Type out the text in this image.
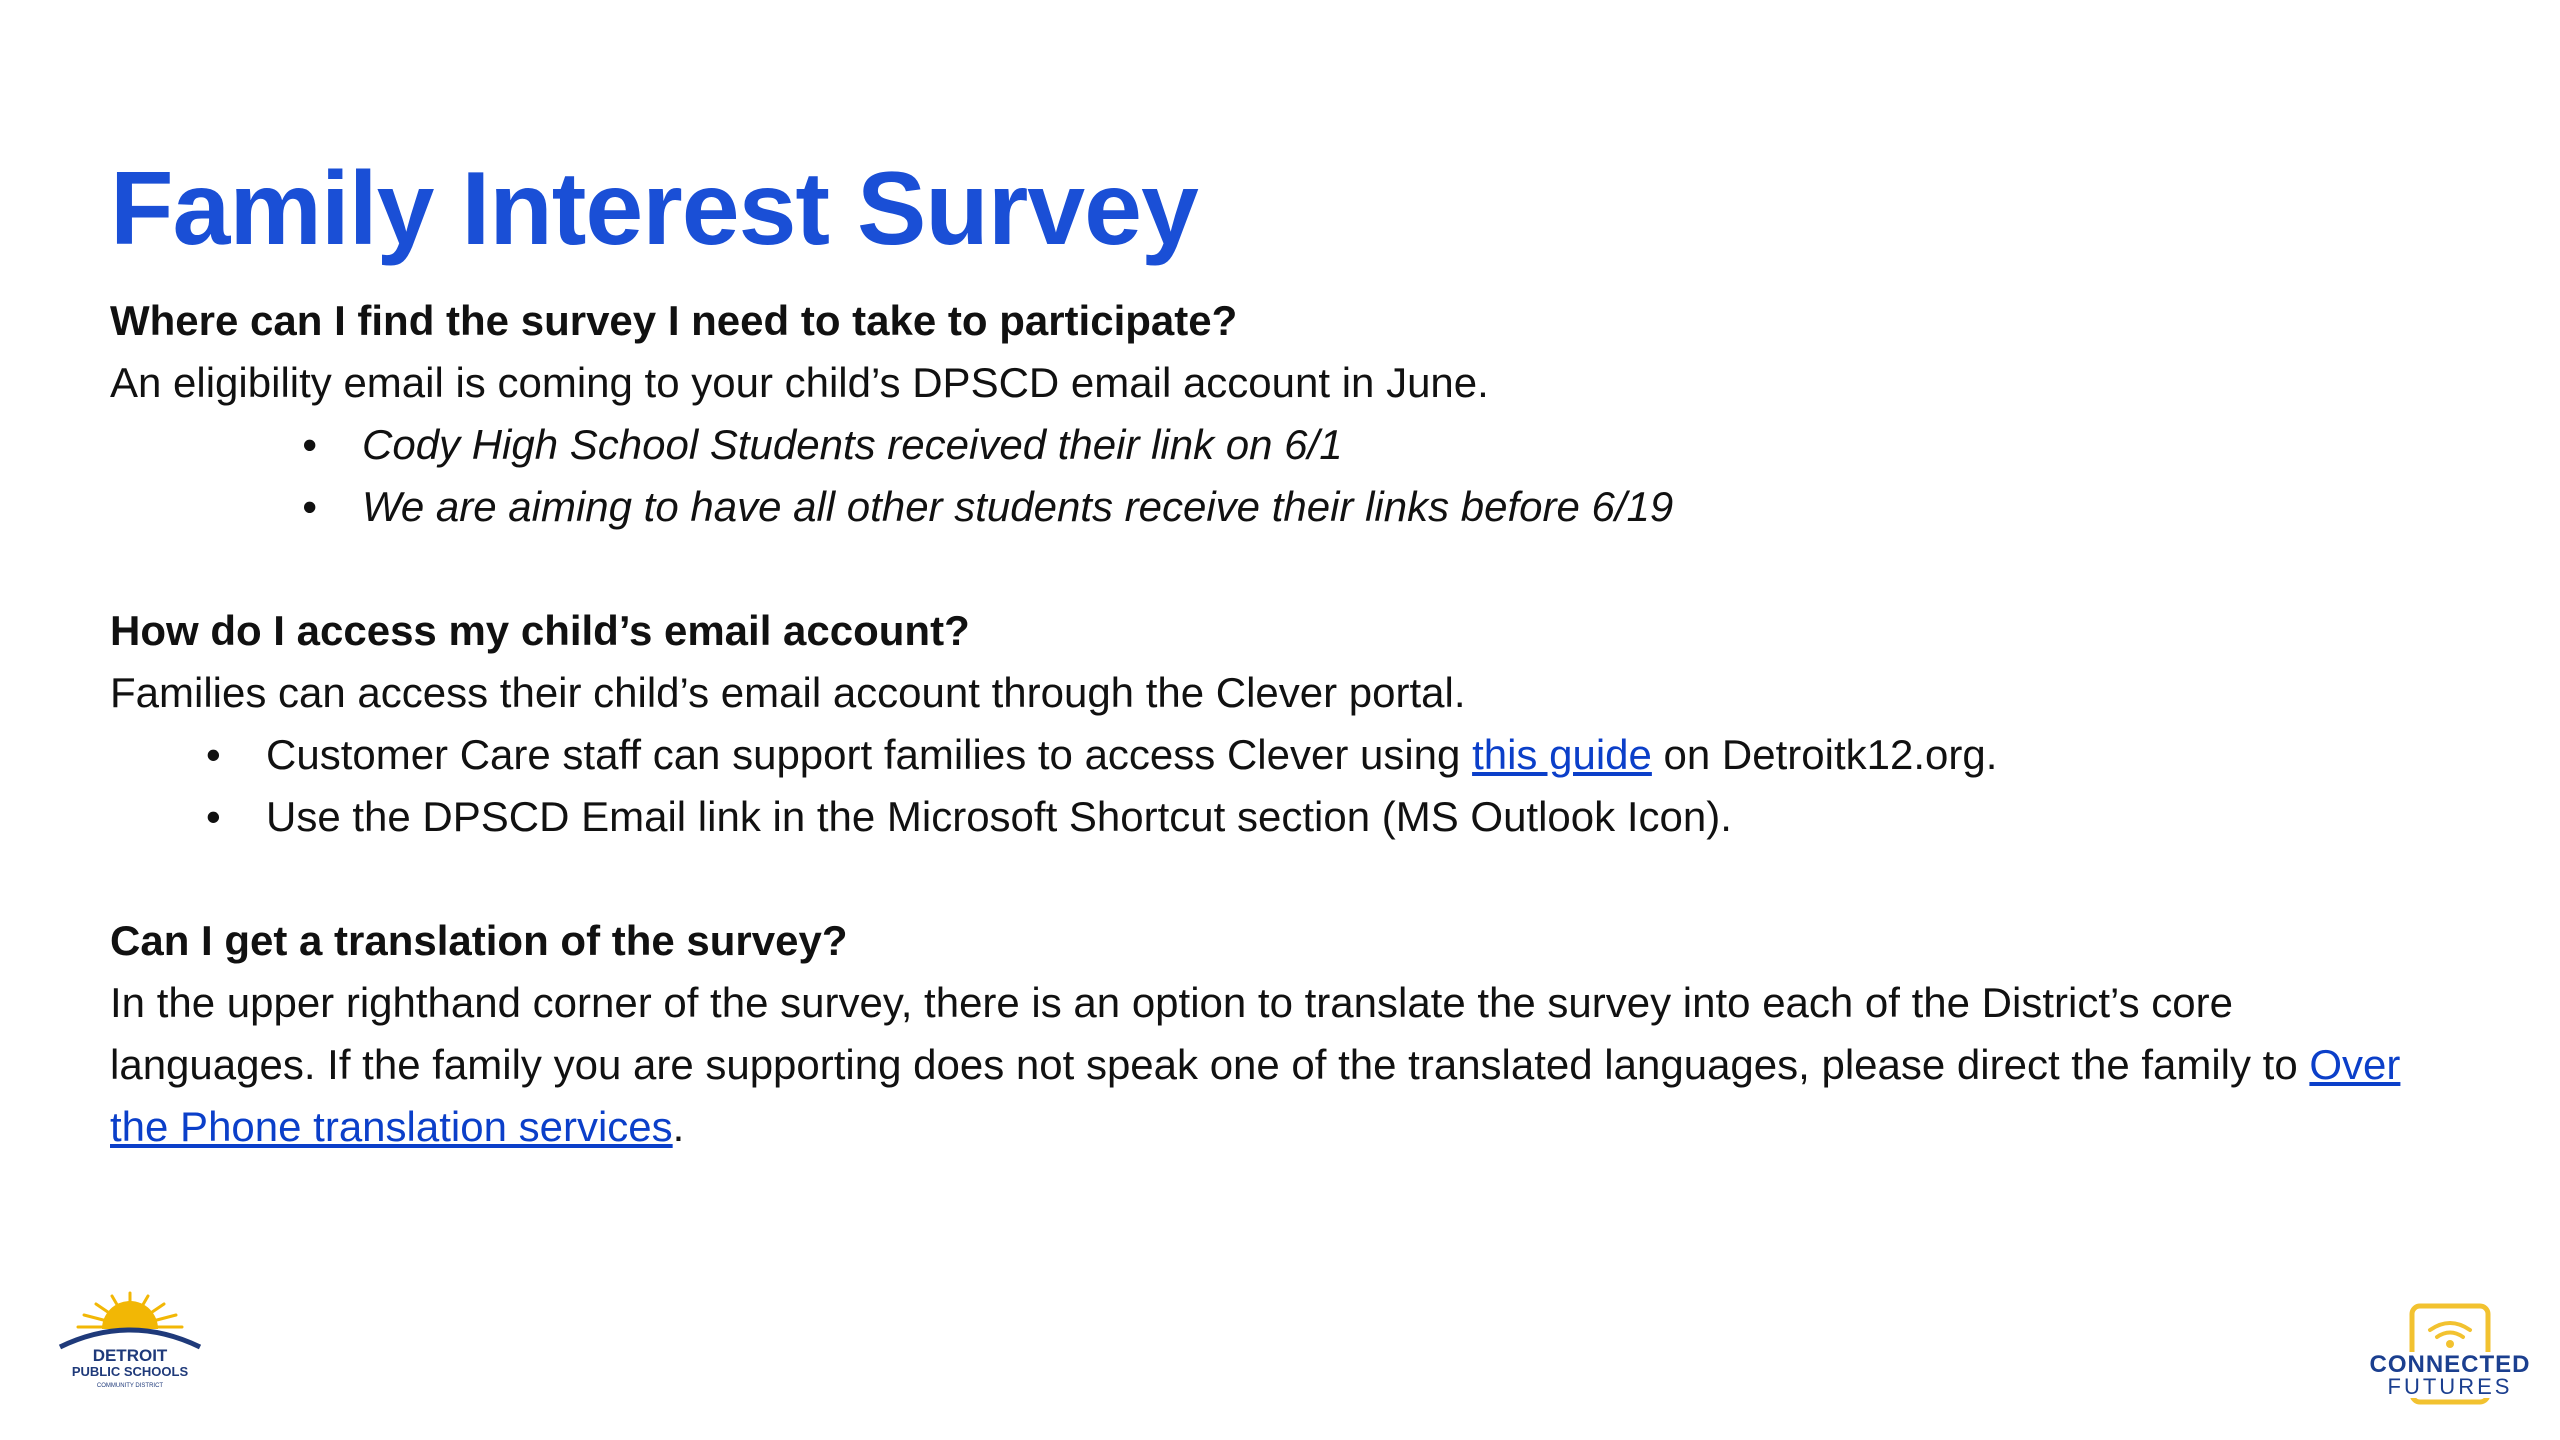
Family Interest Survey

Where can I find the survey I need to take to participate?

An eligibility email is coming to your child’s DPSCD email account in June.

• Cody High School Students received their link on 6/1
• We are aiming to have all other students receive their links before 6/19

How do I access my child’s email account?

Families can access their child’s email account through the Clever portal.

• Customer Care staff can support families to access Clever using this guide on Detroitk12.org.
• Use the DPSCD Email link in the Microsoft Shortcut section (MS Outlook Icon).

Can I get a translation of the survey?

In the upper righthand corner of the survey, there is an option to translate the survey into each of the District’s core languages. If the family you are supporting does not speak one of the translated languages, please direct the family to Over the Phone translation services.

DETROIT
PUBLIC SCHOOLS
COMMUNITY DISTRICT
CONNECTED
FUTURES
